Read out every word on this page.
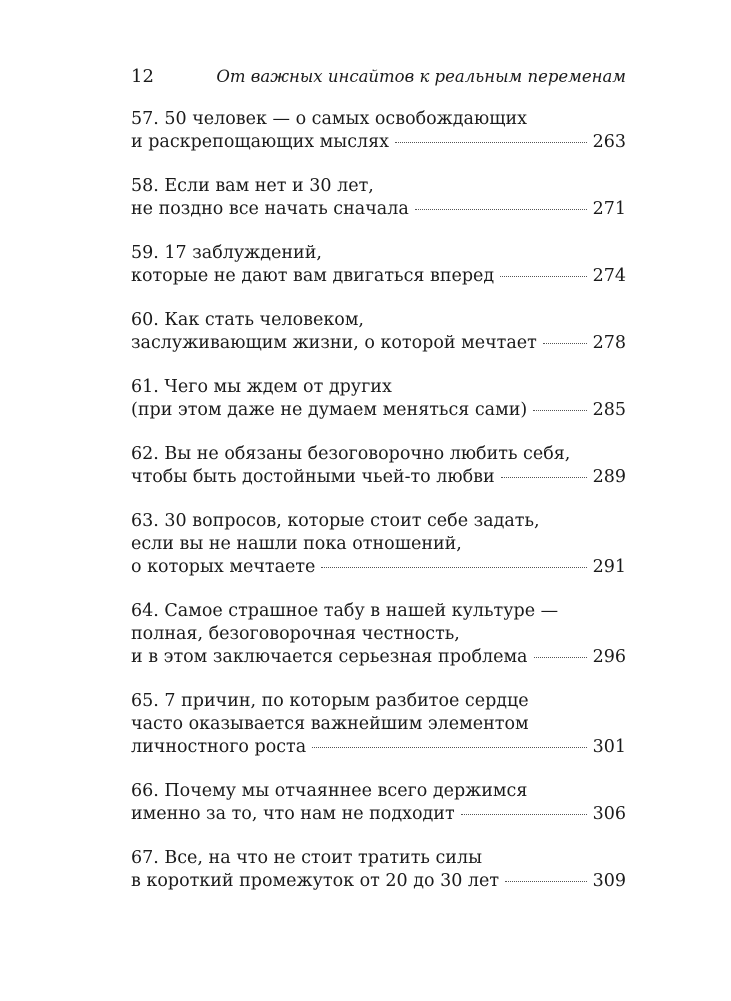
12	От важных инсайтов к реальным переменам
57. 50 человек — о самых освобождающих
и раскрепощающих мыслях	263
58. Если вам нет и 30 лет,
не поздно все начать сначала	271
59. 17 заблуждений,
которые не дают вам двигаться вперед	274
60. Как стать человеком,
заслуживающим жизни, о которой мечтает	278
61. Чего мы ждем от других
(при этом даже не думаем меняться сами)	285
62. Вы не обязаны безоговорочно любить себя,
чтобы быть достойными чьей-то любви	289
63. 30 вопросов, которые стоит себе задать,
если вы не нашли пока отношений,
о которых мечтаете	291
64. Самое страшное табу в нашей культуре —
полная, безоговорочная честность,
и в этом заключается серьезная проблема	296
65. 7 причин, по которым разбитое сердце
часто оказывается важнейшим элементом
личностного роста	301
66. Почему мы отчаяннее всего держимся
именно за то, что нам не подходит	306
67. Все, на что не стоит тратить силы
в короткий промежуток от 20 до 30 лет	309
